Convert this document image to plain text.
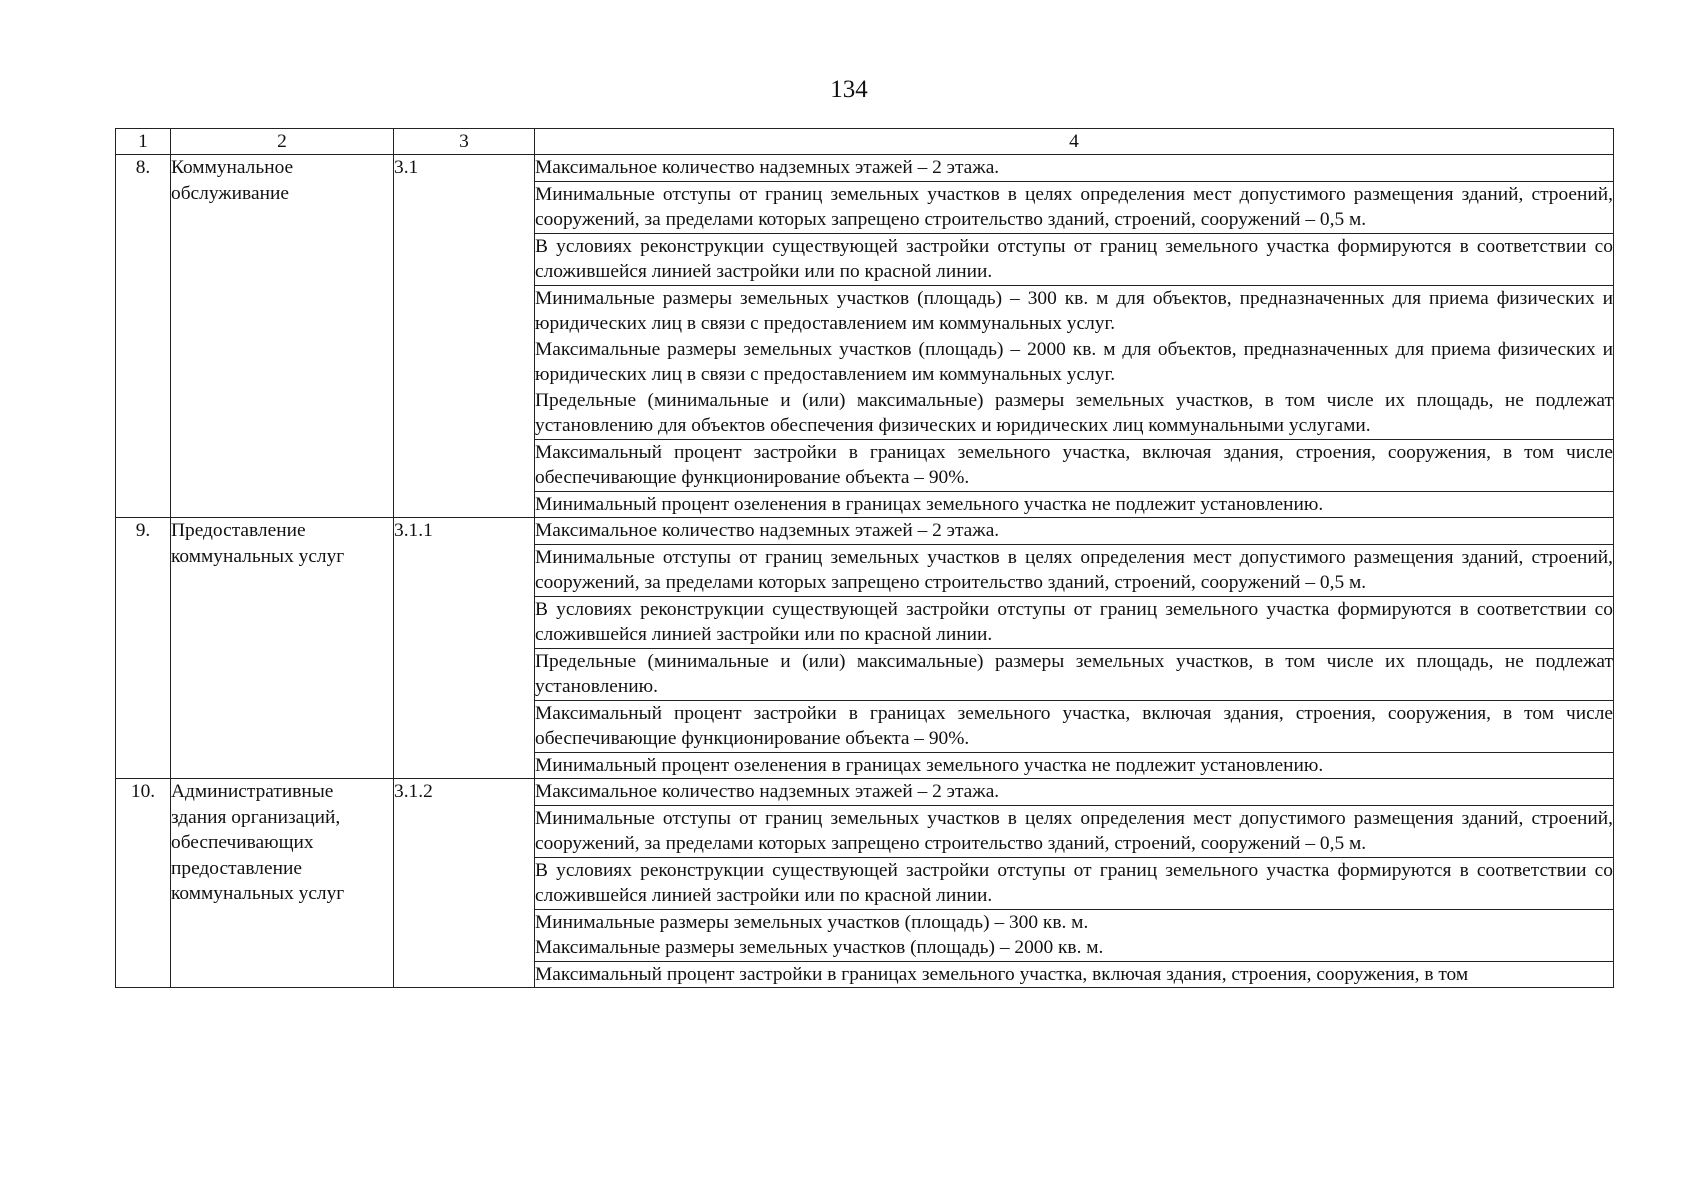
134
1	2	3	4
8.	Коммунальное обслуживание	3.1	Максимальное количество надземных этажей – 2 этажа.

			Минимальные отступы от границ земельных участков в целях определения мест допустимого размещения зданий, строений, сооружений, за пределами которых запрещено строительство зданий, строений, сооружений – 0,5 м.

			В условиях реконструкции существующей застройки отступы от границ земельного участка формируются в соответствии со сложившейся линией застройки или по красной линии.

			Минимальные размеры земельных участков (площадь) – 300 кв. м для объектов, предназначенных для приема физических и юридических лиц в связи с предоставлением им коммунальных услуг.
Максимальные размеры земельных участков (площадь) – 2000 кв. м для объектов, предназначенных для приема физических и юридических лиц в связи с предоставлением им коммунальных услуг.
Предельные (минимальные и (или) максимальные) размеры земельных участков, в том числе их площадь, не подлежат установлению для объектов обеспечения физических и юридических лиц коммунальными услугами.

			Максимальный процент застройки в границах земельного участка, включая здания, строения, сооружения, в том числе обеспечивающие функционирование объекта – 90%.

			Минимальный процент озеленения в границах земельного участка не подлежит установлению.

9.	Предоставление коммунальных услуг	3.1.1	Максимальное количество надземных этажей – 2 этажа.

			Минимальные отступы от границ земельных участков в целях определения мест допустимого размещения зданий, строений, сооружений, за пределами которых запрещено строительство зданий, строений, сооружений – 0,5 м.

			В условиях реконструкции существующей застройки отступы от границ земельного участка формируются в соответствии со сложившейся линией застройки или по красной линии.

			Предельные (минимальные и (или) максимальные) размеры земельных участков, в том числе их площадь, не подлежат установлению.

			Максимальный процент застройки в границах земельного участка, включая здания, строения, сооружения, в том числе обеспечивающие функционирование объекта – 90%.

			Минимальный процент озеленения в границах земельного участка не подлежит установлению.

10.	Административные здания организаций, обеспечивающих предоставление коммунальных услуг	3.1.2	Максимальное количество надземных этажей – 2 этажа.

			Минимальные отступы от границ земельных участков в целях определения мест допустимого размещения зданий, строений, сооружений, за пределами которых запрещено строительство зданий, строений, сооружений – 0,5 м.

			В условиях реконструкции существующей застройки отступы от границ земельного участка формируются в соответствии со сложившейся линией застройки или по красной линии.

			Минимальные размеры земельных участков (площадь) – 300 кв. м.
Максимальные размеры земельных участков (площадь) – 2000 кв. м.

			Максимальный процент застройки в границах земельного участка, включая здания, строения, сооружения, в том
